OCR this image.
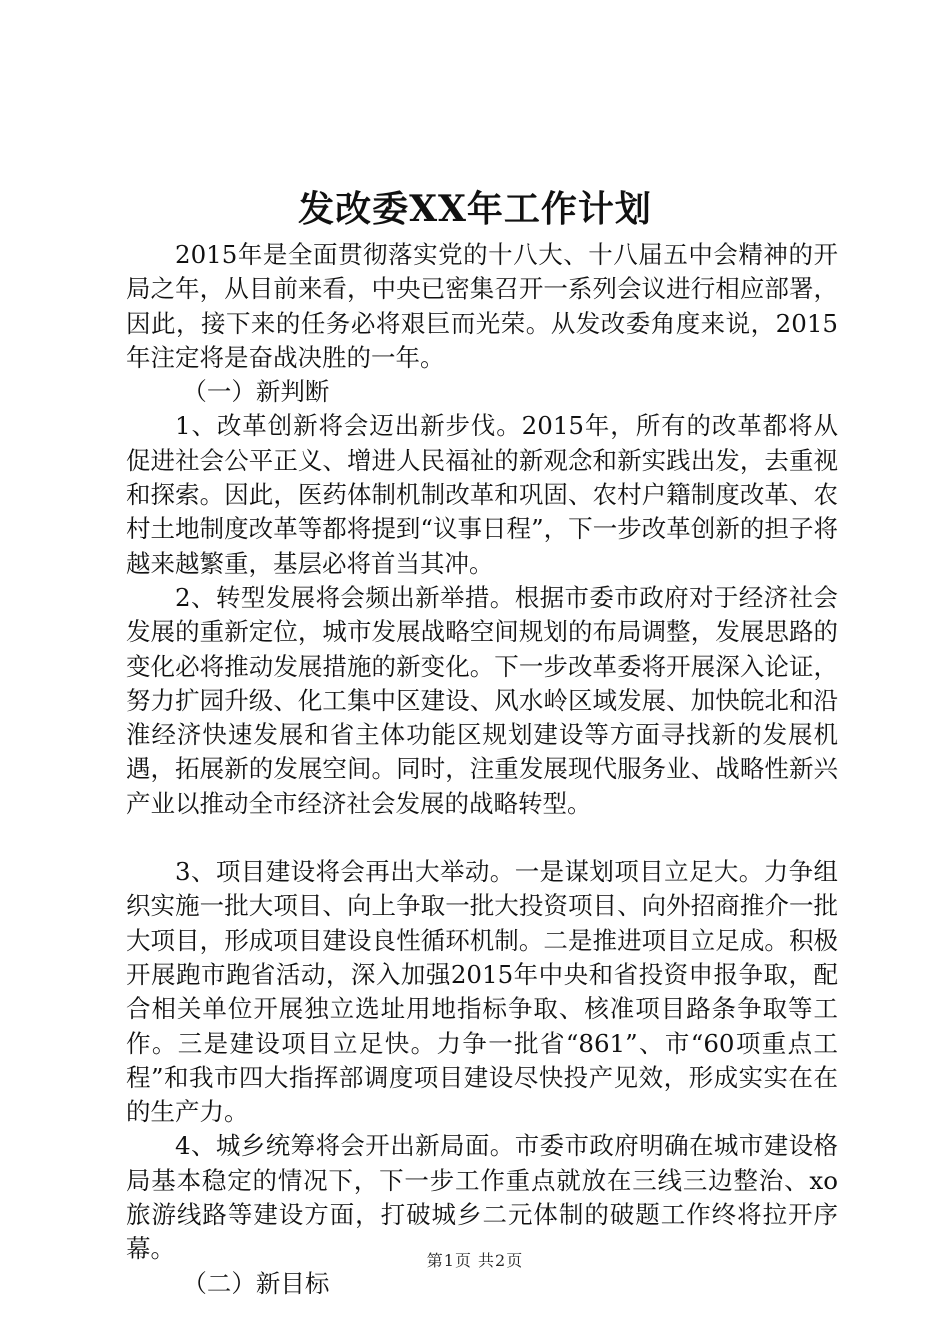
发改委XX年工作计划

2015年是全面贯彻落实党的十八大、十八届五中会精神的开局之年，从目前来看，中央已密集召开一系列会议进行相应部署，因此，接下来的任务必将艰巨而光荣。从发改委角度来说，2015年注定将是奋战决胜的一年。

（一）新判断

1、改革创新将会迈出新步伐。2015年，所有的改革都将从促进社会公平正义、增进人民福祉的新观念和新实践出发，去重视和探索。因此，医药体制机制改革和巩固、农村户籍制度改革、农村土地制度改革等都将提到“议事日程”，下一步改革创新的担子将越来越繁重，基层必将首当其冲。

2、转型发展将会频出新举措。根据市委市政府对于经济社会发展的重新定位，城市发展战略空间规划的布局调整，发展思路的变化必将推动发展措施的新变化。下一步改革委将开展深入论证，努力扩园升级、化工集中区建设、风水岭区域发展、加快皖北和沿淮经济快速发展和省主体功能区规划建设等方面寻找新的发展机遇，拓展新的发展空间。同时，注重发展现代服务业、战略性新兴产业以推动全市经济社会发展的战略转型。

3、项目建设将会再出大举动。一是谋划项目立足大。力争组织实施一批大项目、向上争取一批大投资项目、向外招商推介一批大项目，形成项目建设良性循环机制。二是推进项目立足成。积极开展跑市跑省活动，深入加强2015年中央和省投资申报争取，配合相关单位开展独立选址用地指标争取、核准项目路条争取等工作。三是建设项目立足快。力争一批省“861”、市“60项重点工程”和我市四大指挥部调度项目建设尽快投产见效，形成实实在在的生产力。

4、城乡统筹将会开出新局面。市委市政府明确在城市建设格局基本稳定的情况下，下一步工作重点就放在三线三边整治、xo旅游线路等建设方面，打破城乡二元体制的破题工作终将拉开序幕。

（二）新目标

第1页 共2页
